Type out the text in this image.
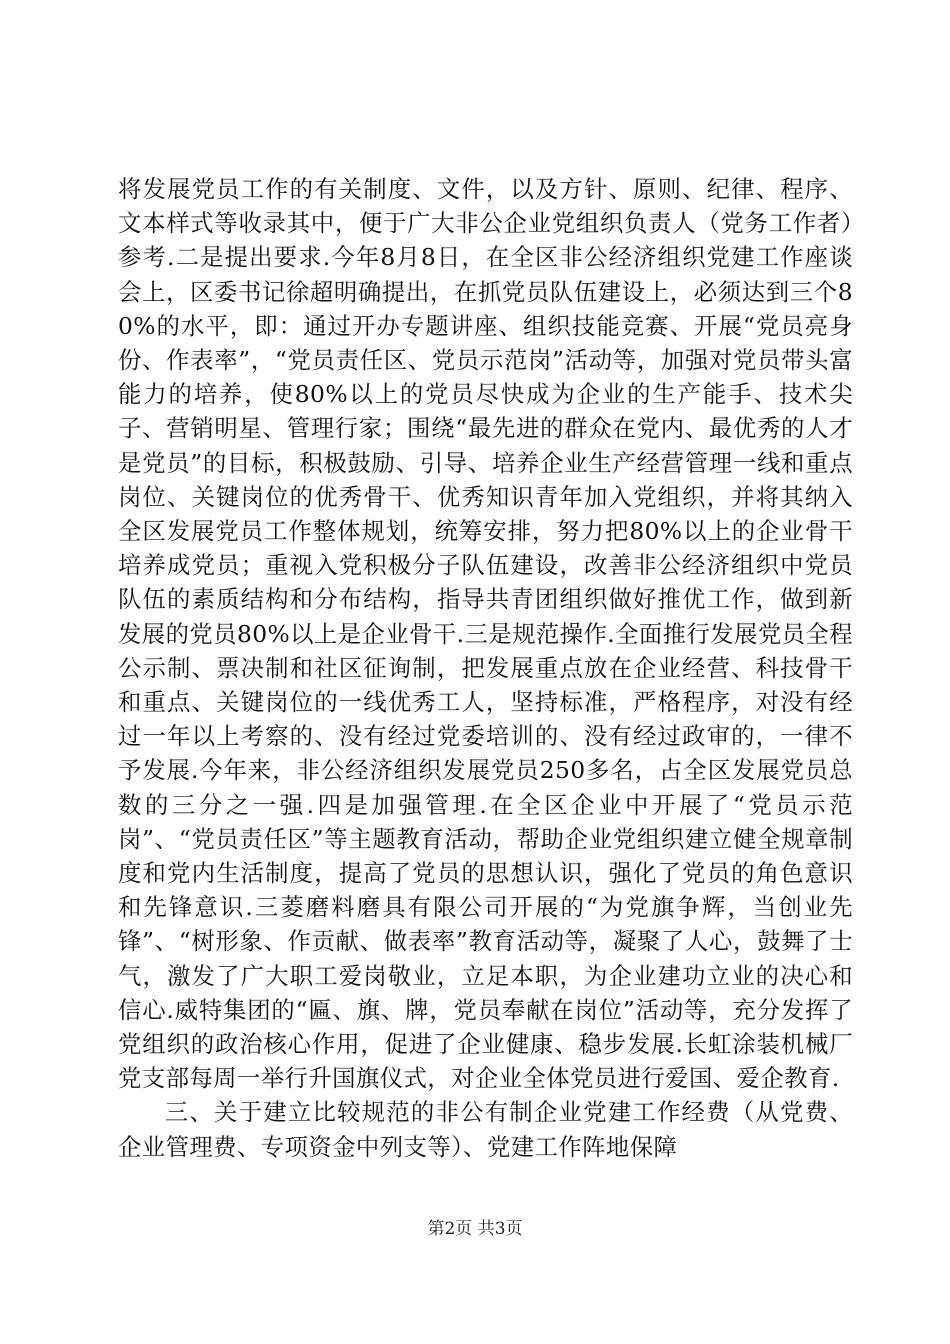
将发展党员工作的有关制度、文件，以及方针、原则、纪律、程序、文本样式等收录其中，便于广大非公企业党组织负责人（党务工作者）参考.二是提出要求.今年8月8日，在全区非公经济组织党建工作座谈会上，区委书记徐超明确提出，在抓党员队伍建设上，必须达到三个80%的水平，即：通过开办专题讲座、组织技能竞赛、开展“党员亮身份、作表率”，“党员责任区、党员示范岗”活动等，加强对党员带头富能力的培养，使80%以上的党员尽快成为企业的生产能手、技术尖子、营销明星、管理行家；围绕“最先进的群众在党内、最优秀的人才是党员”的目标，积极鼓励、引导、培养企业生产经营管理一线和重点岗位、关键岗位的优秀骨干、优秀知识青年加入党组织，并将其纳入全区发展党员工作整体规划，统筹安排，努力把80%以上的企业骨干培养成党员；重视入党积极分子队伍建设，改善非公经济组织中党员队伍的素质结构和分布结构，指导共青团组织做好推优工作，做到新发展的党员80%以上是企业骨干.三是规范操作.全面推行发展党员全程公示制、票决制和社区征询制，把发展重点放在企业经营、科技骨干和重点、关键岗位的一线优秀工人，坚持标准，严格程序，对没有经过一年以上考察的、没有经过党委培训的、没有经过政审的，一律不予发展.今年来，非公经济组织发展党员250多名，占全区发展党员总数的三分之一强.四是加强管理.在全区企业中开展了“党员示范岗”、“党员责任区”等主题教育活动，帮助企业党组织建立健全规章制度和党内生活制度，提高了党员的思想认识，强化了党员的角色意识和先锋意识.三菱磨料磨具有限公司开展的“为党旗争辉，当创业先锋”、“树形象、作贡献、做表率”教育活动等，凝聚了人心，鼓舞了士气，激发了广大职工爱岗敬业，立足本职，为企业建功立业的决心和信心.威特集团的“匾、旗、牌，党员奉献在岗位”活动等，充分发挥了党组织的政治核心作用，促进了企业健康、稳步发展.长虹涂装机械厂党支部每周一举行升国旗仪式，对企业全体党员进行爱国、爱企教育.

三、关于建立比较规范的非公有制企业党建工作经费（从党费、企业管理费、专项资金中列支等）、党建工作阵地保障

第2页 共3页
